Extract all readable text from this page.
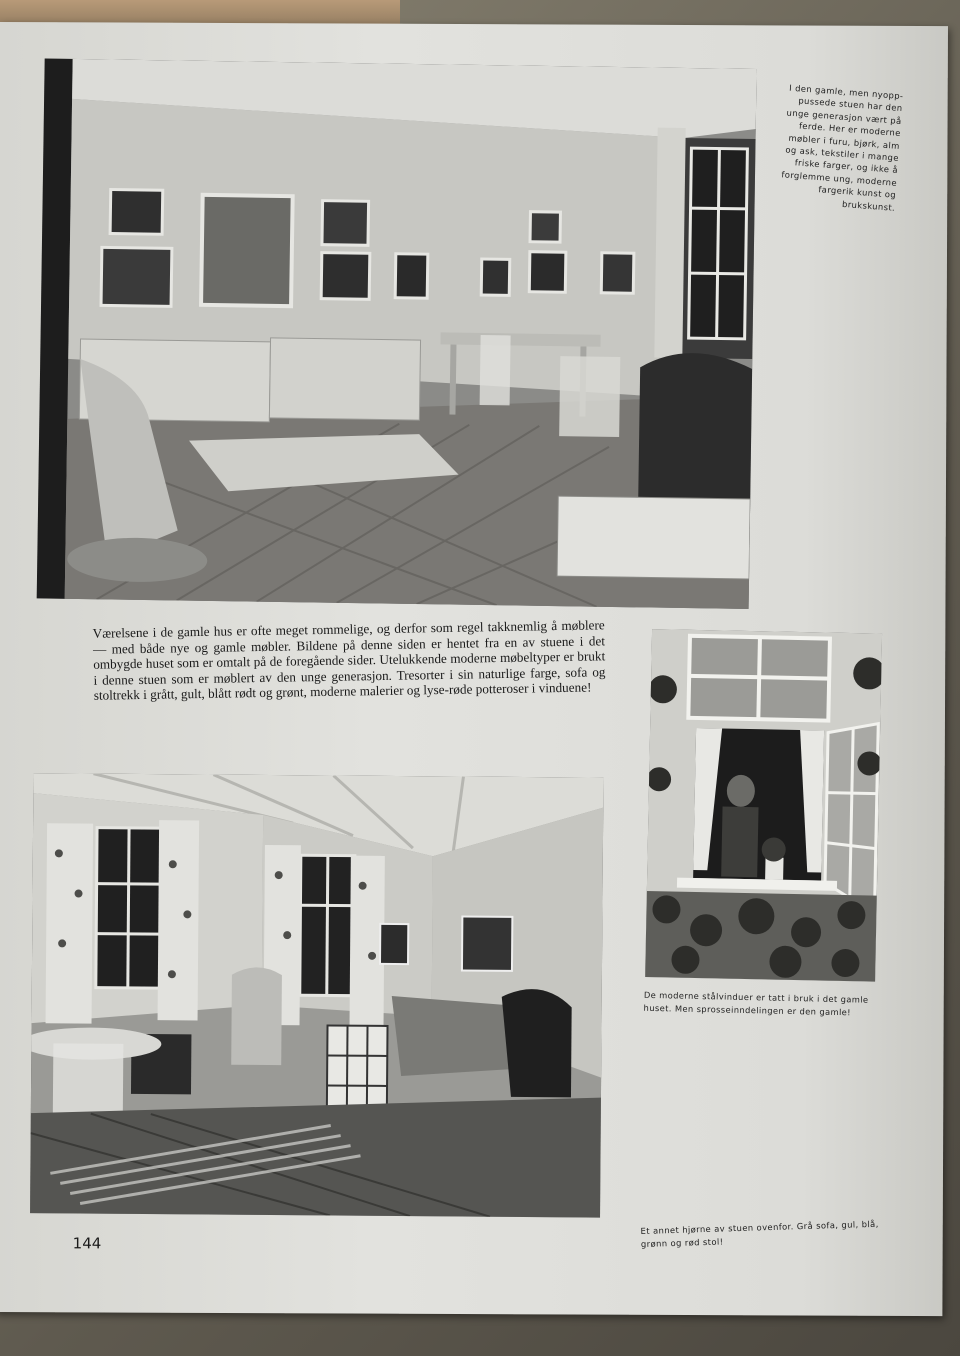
I den gamle, men nyopp-pussede stuen har den unge generasjon vært på ferde. Her er moderne møbler i furu, bjørk, alm og ask, tekstiler i mange friske farger, og ikke å forglemme ung, moderne fargerik kunst og brukskunst.
Værelsene i de gamle hus er ofte meget rommelige, og derfor som regel takknemlig å møblere — med både nye og gamle møbler. Bildene på denne siden er hentet fra en av stuene i det ombygde huset som er omtalt på de foregående sider. Utelukkende moderne møbeltyper er brukt i denne stuen som er møblert av den unge generasjon. Tresorter i sin naturlige farge, sofa og stoltrekk i grått, gult, blått rødt og grønt, moderne malerier og lyse-røde potteroser i vinduene!
De moderne stålvinduer er tatt i bruk i det gamle huset. Men sprosseinndelingen er den gamle!
Et annet hjørne av stuen ovenfor. Grå sofa, gul, blå, grønn og rød stol!
144
